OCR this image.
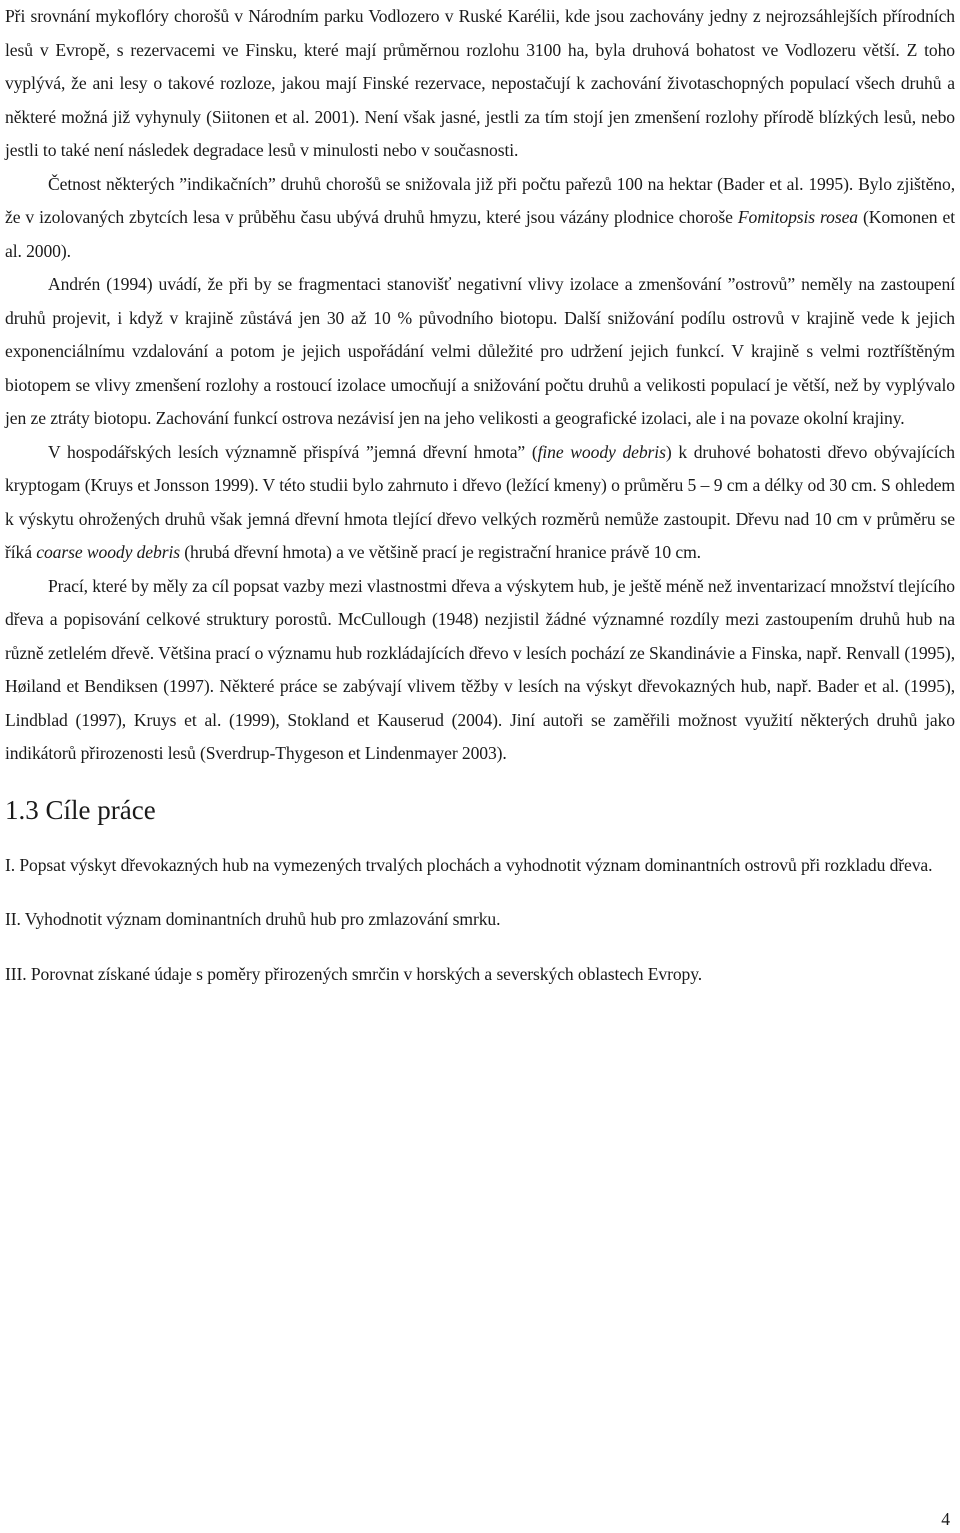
Při srovnání mykoflóry chorošů v Národním parku Vodlozero v Ruské Karélii, kde jsou zachovány jedny z nejrozsáhlejších přírodních lesů v Evropě, s rezervacemi ve Finsku, které mají průměrnou rozlohu 3100 ha, byla druhová bohatost ve Vodlozeru větší. Z toho vyplývá, že ani lesy o takové rozloze, jakou mají Finské rezervace, nepostačují k zachování životaschopných populací všech druhů a některé možná již vyhynuly (Siitonen et al. 2001). Není však jasné, jestli za tím stojí jen zmenšení rozlohy přírodě blízkých lesů, nebo jestli to také není následek degradace lesů v minulosti nebo v současnosti.

Četnost některých ”indikačních” druhů chorošů se snižovala již při počtu pařezů 100 na hektar (Bader et al. 1995). Bylo zjištěno, že v izolovaných zbytcích lesa v průběhu času ubývá druhů hmyzu, které jsou vázány plodnice choroše Fomitopsis rosea (Komonen et al. 2000).

Andrén (1994) uvádí, že při by se fragmentaci stanovišť negativní vlivy izolace a zmenšování ”ostrovů” neměly na zastoupení druhů projevit, i když v krajině zůstává jen 30 až 10 % původního biotopu. Další snižování podílu ostrovů v krajině vede k jejich exponenciálnímu vzdalování a potom je jejich uspořádání velmi důležité pro udržení jejich funkcí. V krajině s velmi roztříštěným biotopem se vlivy zmenšení rozlohy a rostoucí izolace umocňují a snižování počtu druhů a velikosti populací je větší, než by vyplývalo jen ze ztráty biotopu. Zachování funkcí ostrova nezávisí jen na jeho velikosti a geografické izolaci, ale i na povaze okolní krajiny.

V hospodářských lesích významně přispívá ”jemná dřevní hmota” (fine woody debris) k druhové bohatosti dřevo obývajících kryptogam (Kruys et Jonsson 1999). V této studii bylo zahrnuto i dřevo (ležící kmeny) o průměru 5 – 9 cm a délky od 30 cm. S ohledem k výskytu ohrožených druhů však jemná dřevní hmota tlející dřevo velkých rozměrů nemůže zastoupit. Dřevu nad 10 cm v průměru se říká coarse woody debris (hrubá dřevní hmota) a ve většině prací je registrační hranice právě 10 cm.

Prací, které by měly za cíl popsat vazby mezi vlastnostmi dřeva a výskytem hub, je ještě méně než inventarizací množství tlejícího dřeva a popisování celkové struktury porostů. McCullough (1948) nezjistil žádné významné rozdíly mezi zastoupením druhů hub na různě zetlelém dřevě. Většina prací o významu hub rozkládajících dřevo v lesích pochází ze Skandinávie a Finska, např. Renvall (1995), Høiland et Bendiksen (1997). Některé práce se zabývají vlivem těžby v lesích na výskyt dřevokazných hub, např. Bader et al. (1995), Lindblad (1997), Kruys et al. (1999), Stokland et Kauserud (2004). Jiní autoři se zaměřili možnost využití některých druhů jako indikátorů přirozenosti lesů (Sverdrup-Thygeson et Lindenmayer 2003).

1.3 Cíle práce

I. Popsat výskyt dřevokazných hub na vymezených trvalých plochách a vyhodnotit význam dominantních ostrovů při rozkladu dřeva.

II. Vyhodnotit význam dominantních druhů hub pro zmlazování smrku.

III. Porovnat získané údaje s poměry přirozených smrčin v horských a severských oblastech Evropy.

4
